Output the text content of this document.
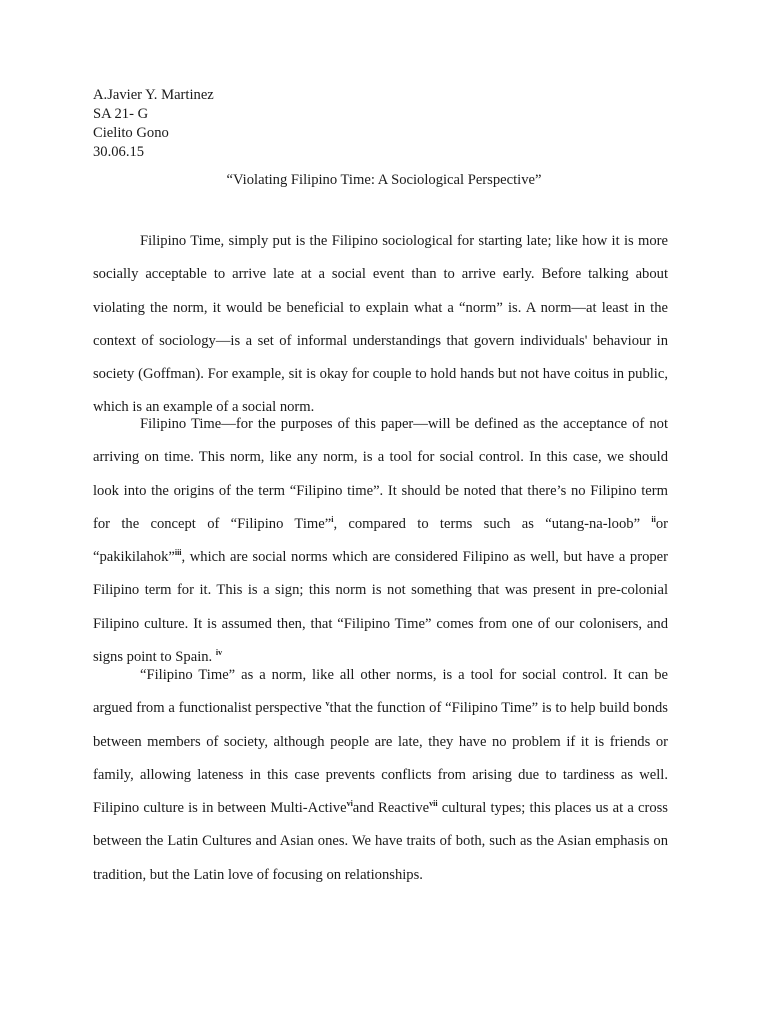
A.Javier Y. Martinez
SA 21- G
Cielito Gono
30.06.15
“Violating Filipino Time: A Sociological Perspective”

Filipino Time, simply put is the Filipino sociological for starting late; like how it is more socially acceptable to arrive late at a social event than to arrive early. Before talking about violating the norm, it would be beneficial to explain what a “norm” is. A norm—at least in the context of sociology—is a set of informal understandings that govern individuals' behaviour in society (Goffman). For example, sit is okay for couple to hold hands but not have coitus in public, which is an example of a social norm.

Filipino Time—for the purposes of this paper—will be defined as the acceptance of not arriving on time. This norm, like any norm, is a tool for social control. In this case, we should look into the origins of the term “Filipino time”. It should be noted that there’s no Filipino term for the concept of “Filipino Time”$^i$, compared to terms such as “utang-na-loob” $^{ii}$or “pakikilahok”$^{iii}$, which are social norms which are considered Filipino as well, but have a proper Filipino term for it. This is a sign; this norm is not something that was present in pre-colonial Filipino culture. It is assumed then, that “Filipino Time” comes from one of our colonisers, and signs point to Spain. $^{iv}$

“Filipino Time” as a norm, like all other norms, is a tool for social control. It can be argued from a functionalist perspective $^v$that the function of “Filipino Time” is to help build bonds between members of society, although people are late, they have no problem if it is friends or family, allowing lateness in this case prevents conflicts from arising due to tardiness as well. Filipino culture is in between Multi-Active$^{vi}$and Reactive$^{vii}$ cultural types; this places us at a cross between the Latin Cultures and Asian ones. We have traits of both, such as the Asian emphasis on tradition, but the Latin love of focusing on relationships.
